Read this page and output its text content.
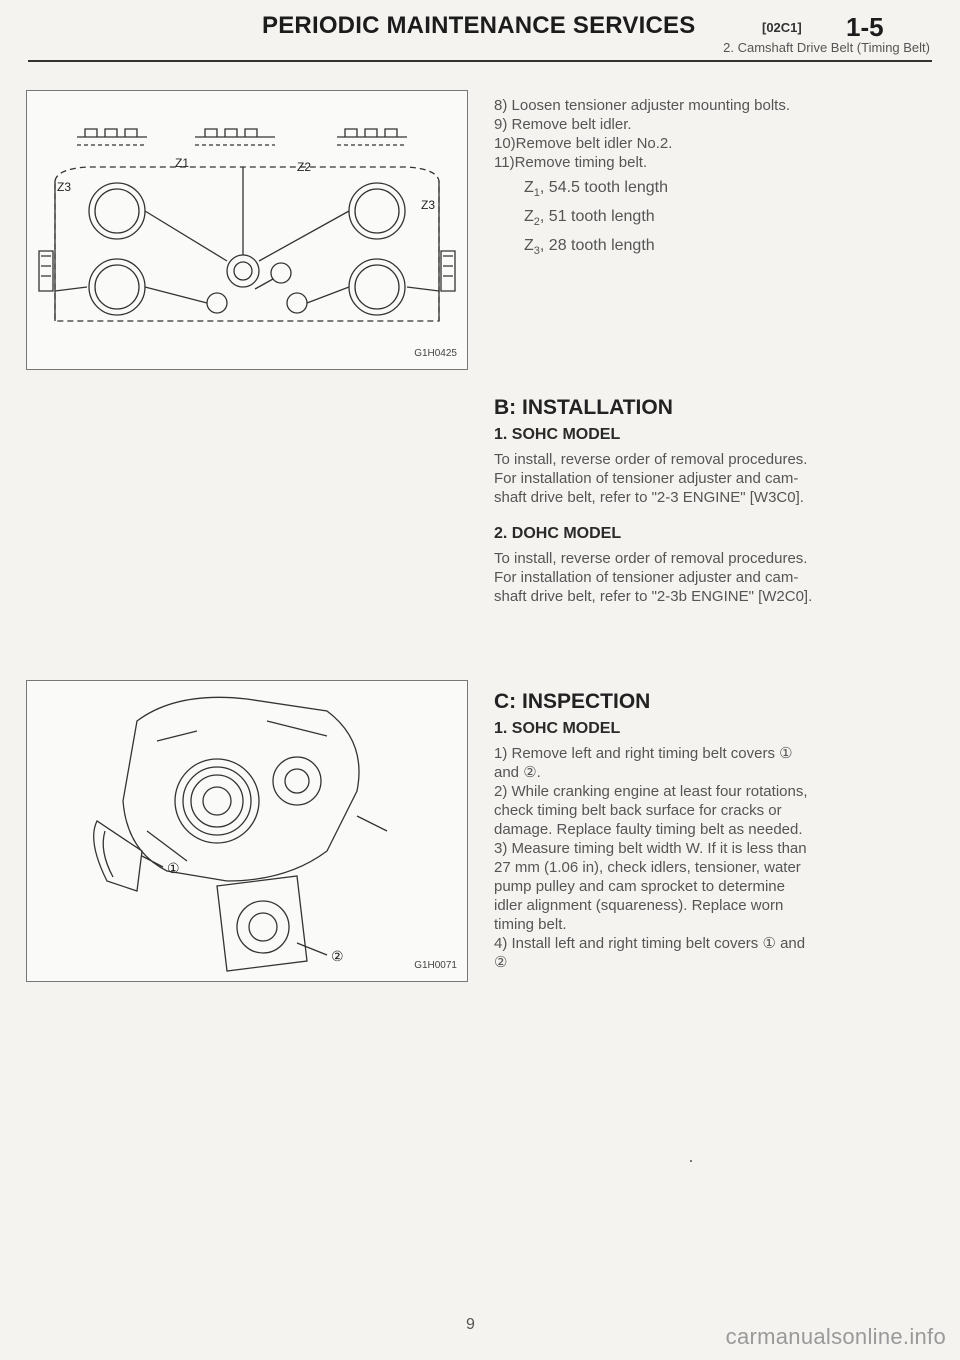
PERIODIC MAINTENANCE SERVICES	[02C1] 1-5
2. Camshaft Drive Belt (Timing Belt)
Z1	Z2
Z3
Z3
G1H0425
①
②
G1H0071

8) Loosen tensioner adjuster mounting bolts.

9) Remove belt idler.

10)Remove belt idler No.2.

11)Remove timing belt.

$Z_1$, 54.5 tooth length

$Z_2$, 51 tooth length

$Z_3$, 28 tooth length

B: INSTALLATION

1. SOHC MODEL

To install, reverse order of removal procedures.

For installation of tensioner adjuster and cam-

shaft drive belt, refer to "2-3 ENGINE" [W3C0].

2. DOHC MODEL

To install, reverse order of removal procedures.

For installation of tensioner adjuster and cam-

shaft drive belt, refer to "2-3b ENGINE" [W2C0].

C: INSPECTION

1. SOHC MODEL

1) Remove left and right timing belt covers ①

and ②.

2) While cranking engine at least four rotations,

check timing belt back surface for cracks or

damage. Replace faulty timing belt as needed.

3) Measure timing belt width W. If it is less than

27 mm (1.06 in), check idlers, tensioner, water

pump pulley and cam sprocket to determine

idler alignment (squareness). Replace worn

timing belt.

4) Install left and right timing belt covers ① and

②

9	carmanualsonline.info
